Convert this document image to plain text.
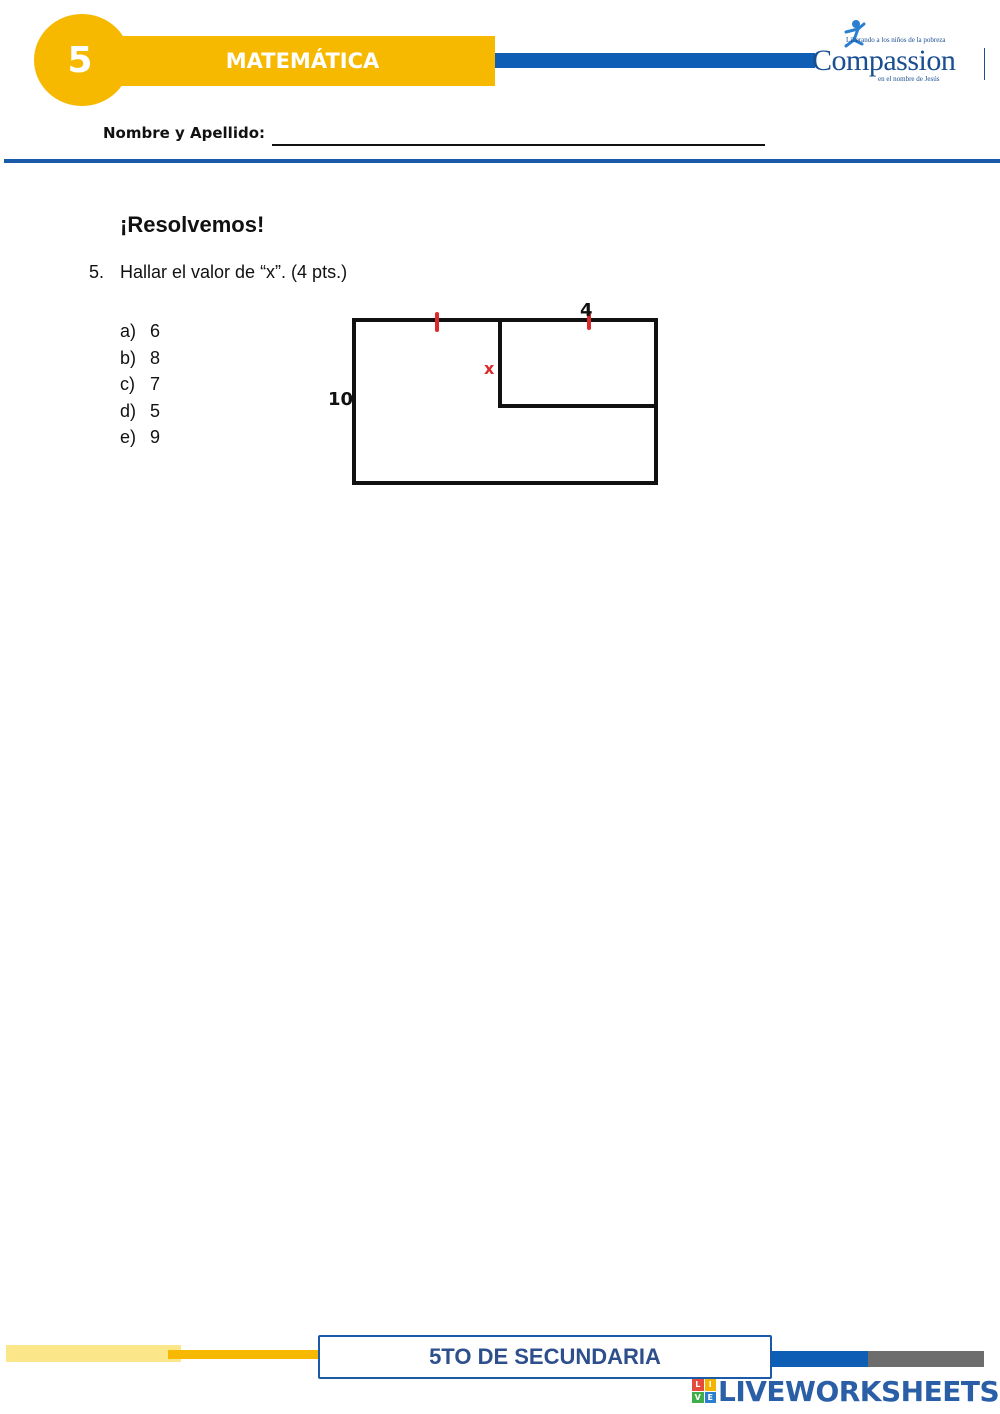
5	MATEMÁTICA
Liberando a los niños de la pobreza
Compassion
en el nombre de Jesús
Nombre y Apellido:
¡Resolvemos!
5. Hallar el valor de “x”. (4 pts.)
a) 6
b) 8
c) 7
d) 5
e) 9
4
10
x
5TO DE SECUNDARIA
L	I
V E LIVEWORKSHEETS
